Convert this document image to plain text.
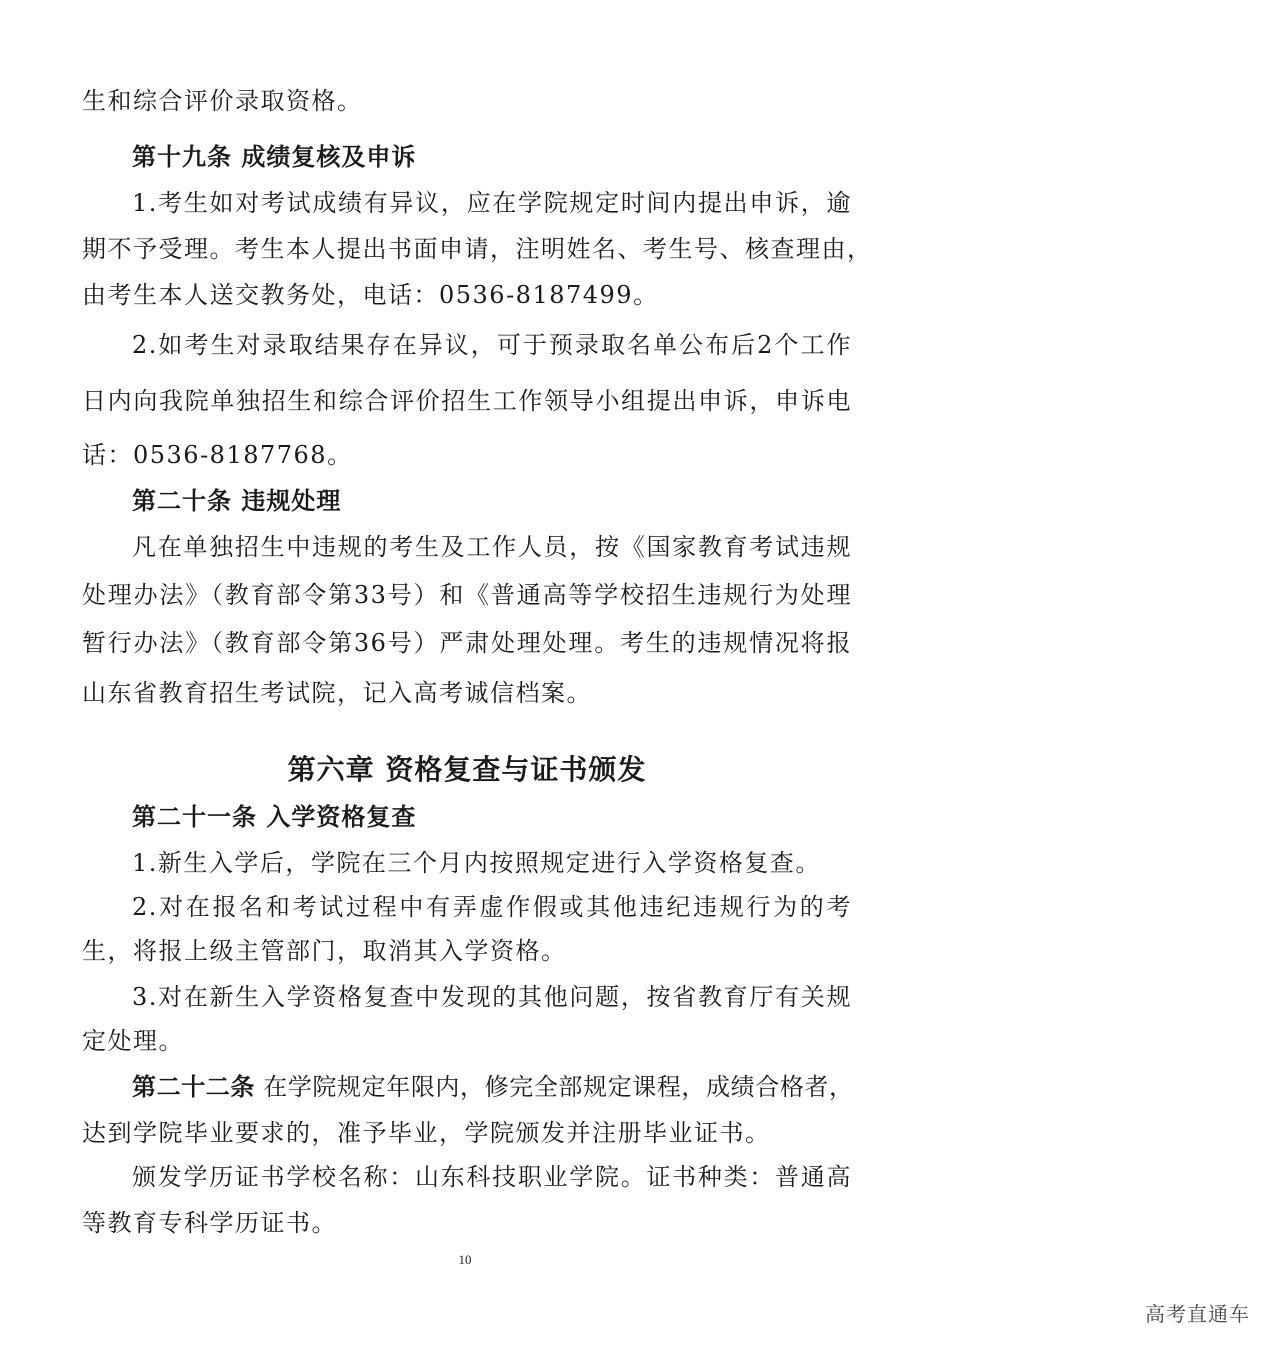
生和综合评价录取资格。
第十九条 成绩复核及申诉
1.考生如对考试成绩有异议，应在学院规定时间内提出申诉，逾
期不予受理。考生本人提出书面申请，注明姓名、考生号、核查理由，
由考生本人送交教务处，电话：0536-8187499。
2.如考生对录取结果存在异议，可于预录取名单公布后2个工作
日内向我院单独招生和综合评价招生工作领导小组提出申诉，申诉电
话：0536-8187768。
第二十条 违规处理
凡在单独招生中违规的考生及工作人员，按《国家教育考试违规
处理办法》（教育部令第33号）和《普通高等学校招生违规行为处理
暂行办法》（教育部令第36号）严肃处理处理。考生的违规情况将报
山东省教育招生考试院，记入高考诚信档案。
第六章 资格复查与证书颁发
第二十一条 入学资格复查
1.新生入学后，学院在三个月内按照规定进行入学资格复查。
2.对在报名和考试过程中有弄虚作假或其他违纪违规行为的考
生，将报上级主管部门，取消其入学资格。
3.对在新生入学资格复查中发现的其他问题，按省教育厅有关规
定处理。
第二十二条 在学院规定年限内，修完全部规定课程，成绩合格者，
达到学院毕业要求的，准予毕业，学院颁发并注册毕业证书。
颁发学历证书学校名称：山东科技职业学院。证书种类：普通高
等教育专科学历证书。
10
高考直通车
